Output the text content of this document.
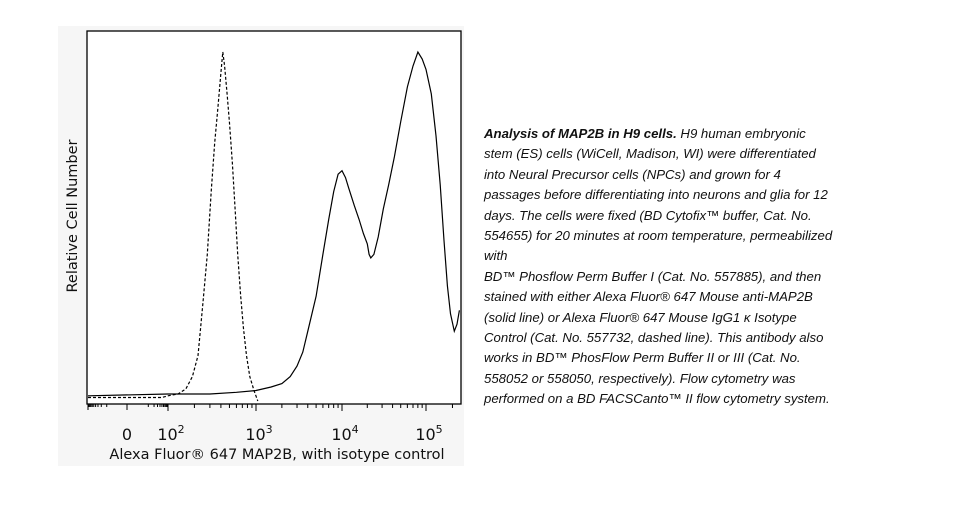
0 $10^2$	$10^3$	$10^4$	$10^5$
Relative Cell Number
Alexa Fluor® 647 MAP2B, with isotype control
Analysis of MAP2B in H9 cells. H9 human embryonic
stem (ES) cells (WiCell, Madison, WI) were differentiated
into Neural Precursor cells (NPCs) and grown for 4
passages before differentiating into neurons and glia for 12
days. The cells were fixed (BD Cytofix™ buffer, Cat. No.
554655) for 20 minutes at room temperature, permeabilized
with
BD™ Phosflow Perm Buffer I (Cat. No. 557885), and then
stained with either Alexa Fluor® 647 Mouse anti-MAP2B
(solid line) or Alexa Fluor® 647 Mouse IgG1 κ Isotype
Control (Cat. No. 557732, dashed line). This antibody also
works in BD™ PhosFlow Perm Buffer II or III (Cat. No.
558052 or 558050, respectively). Flow cytometry was
performed on a BD FACSCanto™ II flow cytometry system.
